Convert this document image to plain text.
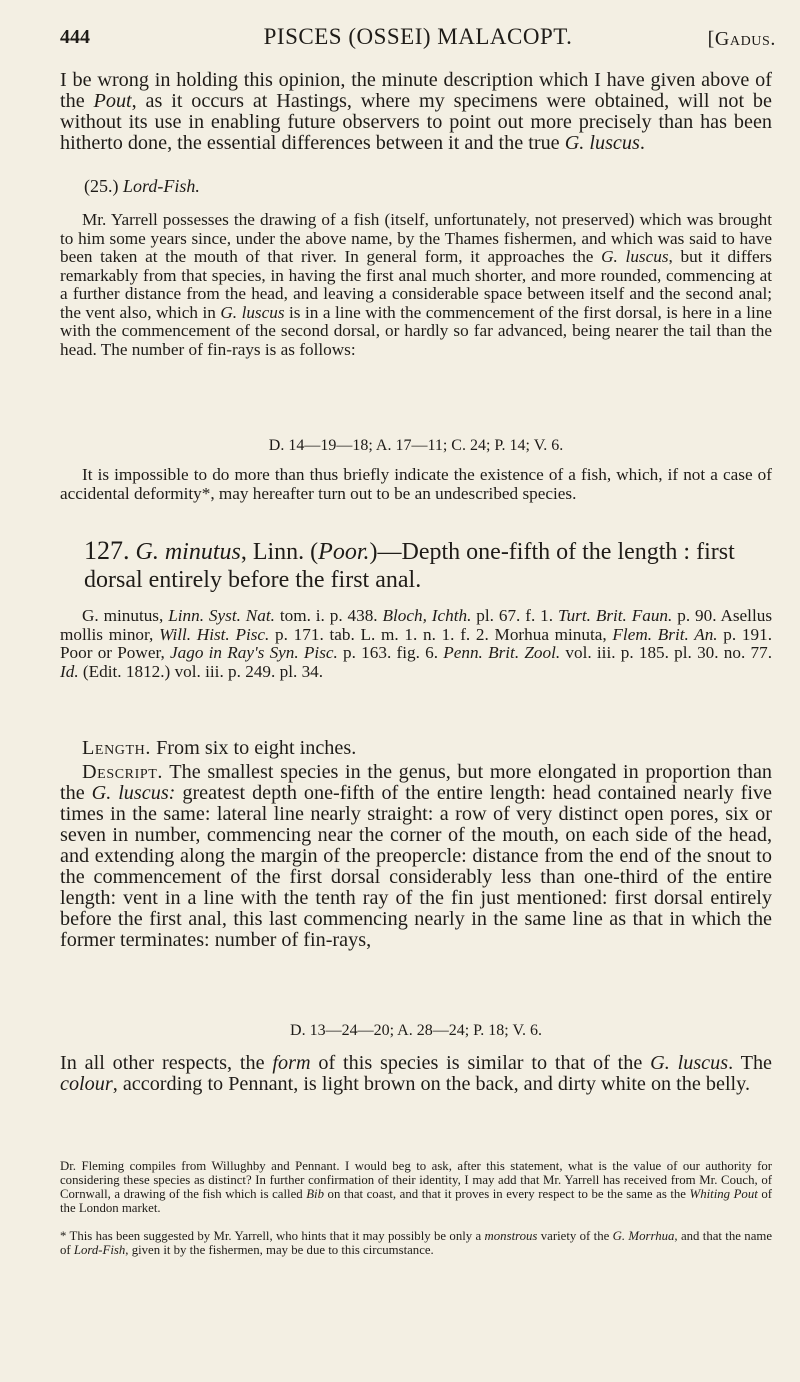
444	PISCES (OSSEI) MALACOPT.	[Gadus.

I be wrong in holding this opinion, the minute description which I have given above of the Pout, as it occurs at Hastings, where my specimens were obtained, will not be without its use in enabling future observers to point out more precisely than has been hitherto done, the essential differences between it and the true G. luscus.

(25.) Lord-Fish.

Mr. Yarrell possesses the drawing of a fish (itself, unfortunately, not preserved) which was brought to him some years since, under the above name, by the Thames fishermen, and which was said to have been taken at the mouth of that river. In general form, it approaches the G. luscus, but it differs remarkably from that species, in having the first anal much shorter, and more rounded, commencing at a further distance from the head, and leaving a considerable space between itself and the second anal; the vent also, which in G. luscus is in a line with the commencement of the first dorsal, is here in a line with the commencement of the second dorsal, or hardly so far advanced, being nearer the tail than the head. The number of fin-rays is as follows:

D. 14—19—18; A. 17—11; C. 24; P. 14; V. 6.

It is impossible to do more than thus briefly indicate the existence of a fish, which, if not a case of accidental deformity*, may hereafter turn out to be an undescribed species.

127. G. minutus, Linn. (Poor.)—Depth one-fifth of the length : first dorsal entirely before the first anal.

G. minutus, Linn. Syst. Nat. tom. i. p. 438. Bloch, Ichth. pl. 67. f. 1. Turt. Brit. Faun. p. 90. Asellus mollis minor, Will. Hist. Pisc. p. 171. tab. L. m. 1. n. 1. f. 2. Morhua minuta, Flem. Brit. An. p. 191. Poor or Power, Jago in Ray's Syn. Pisc. p. 163. fig. 6. Penn. Brit. Zool. vol. iii. p. 185. pl. 30. no. 77. Id. (Edit. 1812.) vol. iii. p. 249. pl. 34.

Length. From six to eight inches.

Descript. The smallest species in the genus, but more elongated in proportion than the G. luscus: greatest depth one-fifth of the entire length: head contained nearly five times in the same: lateral line nearly straight: a row of very distinct open pores, six or seven in number, commencing near the corner of the mouth, on each side of the head, and extending along the margin of the preopercle: distance from the end of the snout to the commencement of the first dorsal considerably less than one-third of the entire length: vent in a line with the tenth ray of the fin just mentioned: first dorsal entirely before the first anal, this last commencing nearly in the same line as that in which the former terminates: number of fin-rays,

D. 13—24—20; A. 28—24; P. 18; V. 6.

In all other respects, the form of this species is similar to that of the G. luscus. The colour, according to Pennant, is light brown on the back, and dirty white on the belly.

Dr. Fleming compiles from Willughby and Pennant. I would beg to ask, after this statement, what is the value of our authority for considering these species as distinct? In further confirmation of their identity, I may add that Mr. Yarrell has received from Mr. Couch, of Cornwall, a drawing of the fish which is called Bib on that coast, and that it proves in every respect to be the same as the Whiting Pout of the London market.

* This has been suggested by Mr. Yarrell, who hints that it may possibly be only a monstrous variety of the G. Morrhua, and that the name of Lord-Fish, given it by the fishermen, may be due to this circumstance.
